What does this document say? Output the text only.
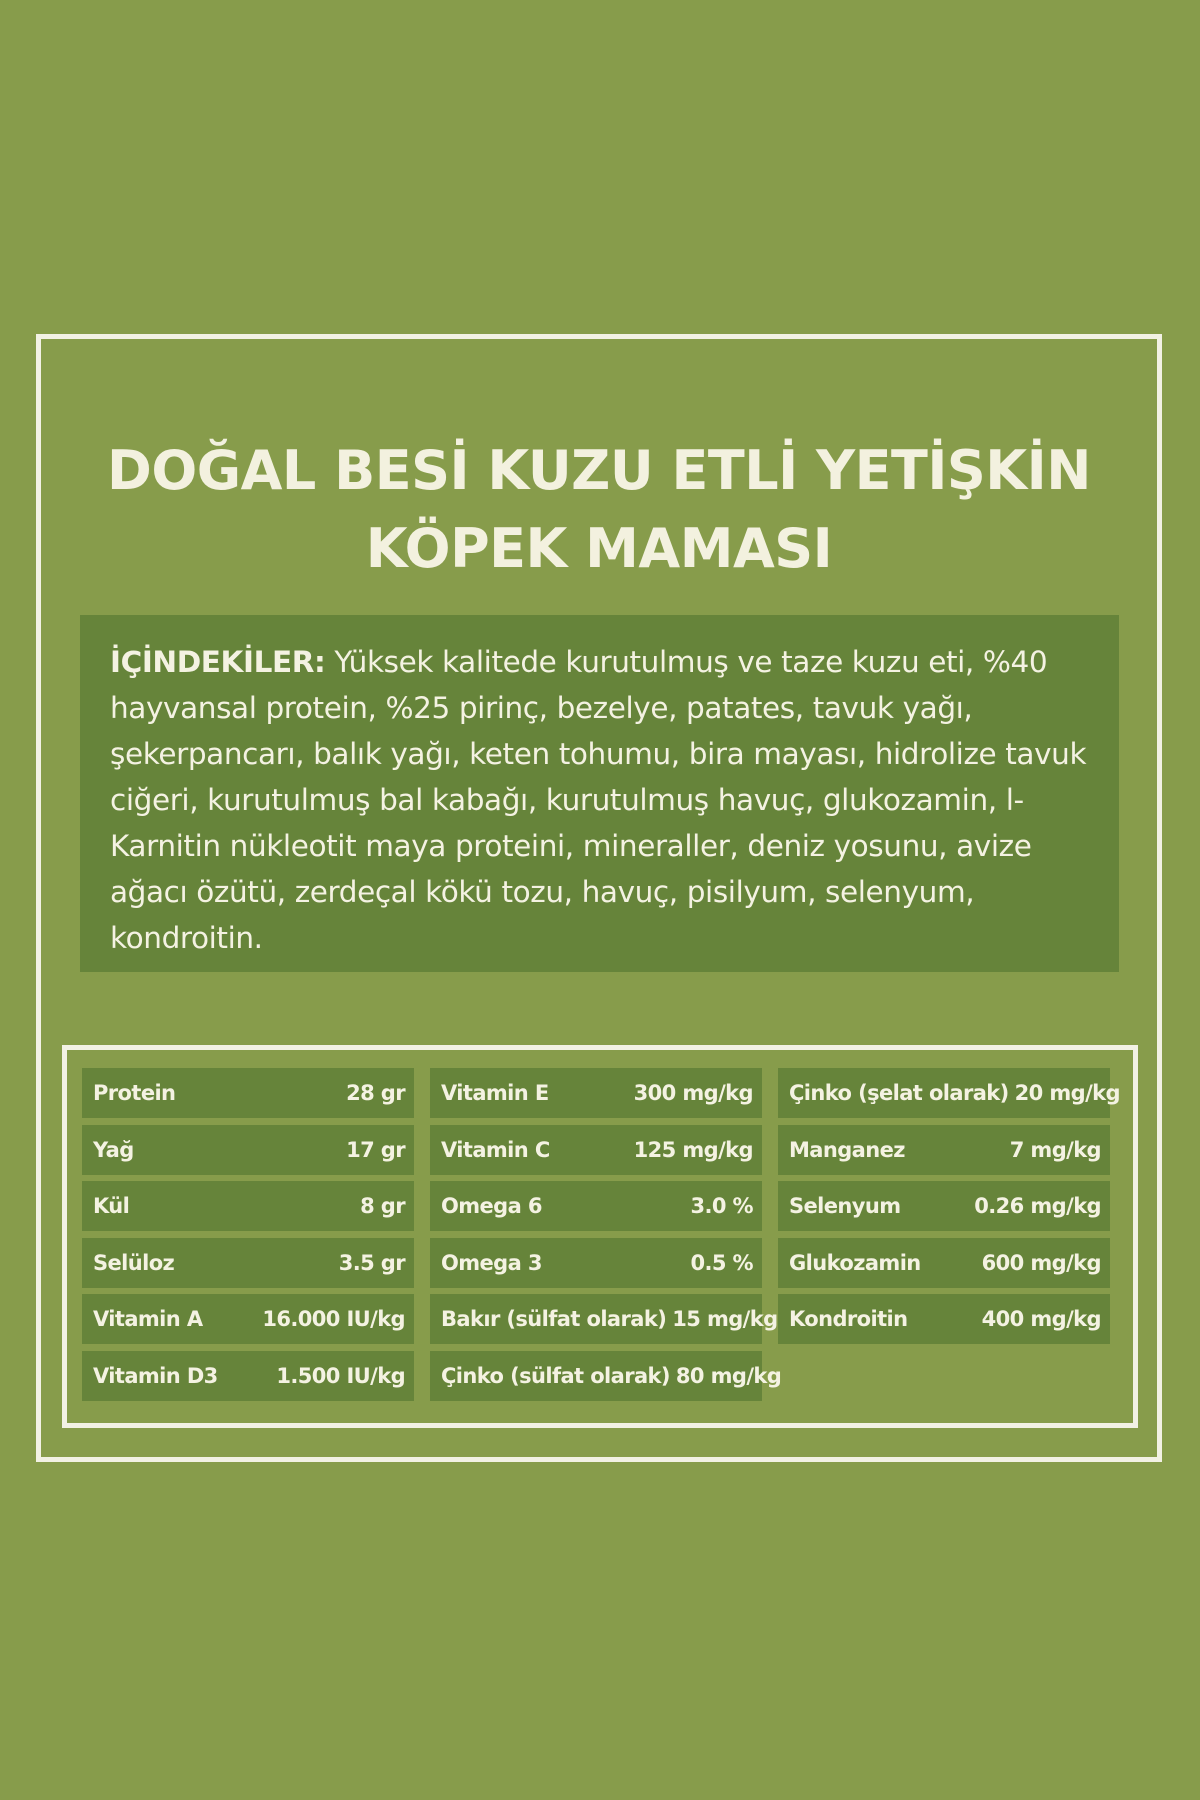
DOĞAL BESİ KUZU ETLİ YETİŞKİN
KÖPEK MAMASI

İÇİNDEKİLER: Yüksek kalitede kurutulmuş ve taze kuzu eti, %40 hayvansal protein, %25 pirinç, bezelye, patates, tavuk yağı, şekerpancarı, balık yağı, keten tohumu, bira mayası, hidrolize tavuk ciğeri, kurutulmuş bal kabağı, kurutulmuş havuç, glukozamin, l-Karnitin nükleotit maya proteini, mineraller, deniz yosunu, avize ağacı özütü, zerdeçal kökü tozu, havuç, pisilyum, selenyum, kondroitin.

Protein	28 gr
Yağ	17 gr
Kül	8 gr
Selüloz	3.5 gr
Vitamin A	16.000 IU/kg
Vitamin D3	1.500 IU/kg
Vitamin E	300 mg/kg
Vitamin C	125 mg/kg
Omega 6	3.0 %
Omega 3	0.5 %
Bakır (sülfat olarak) 15 mg/kg
Çinko (sülfat olarak) 80 mg/kg
Çinko (şelat olarak) 20 mg/kg
Manganez	7 mg/kg
Selenyum	0.26 mg/kg
Glukozamin	600 mg/kg
Kondroitin	400 mg/kg
